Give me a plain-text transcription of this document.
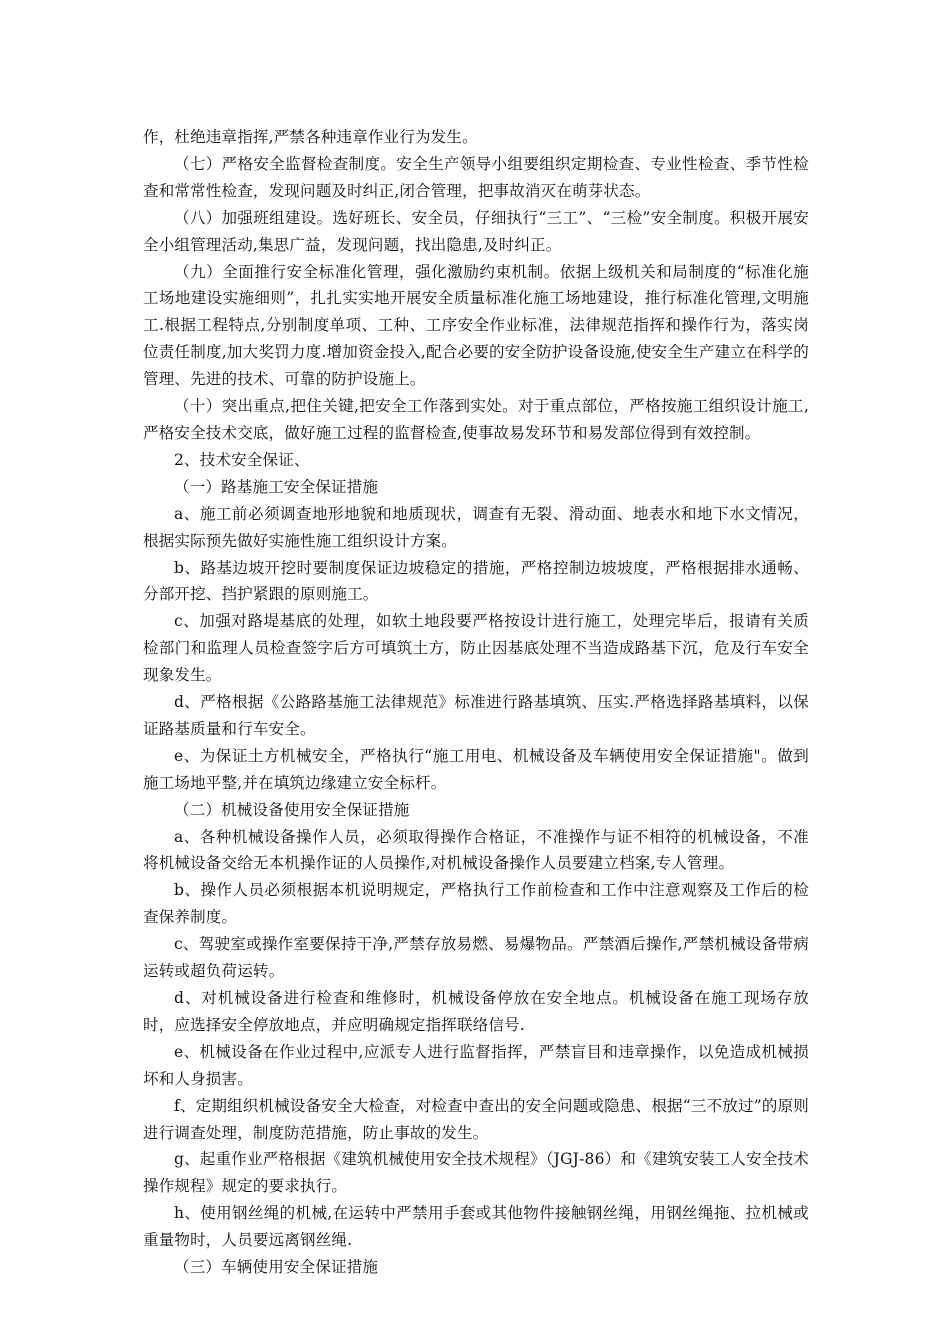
作，杜绝违章指挥,严禁各种违章作业行为发生。

（七）严格安全监督检查制度。安全生产领导小组要组织定期检查、专业性检查、季节性检查和常常性检查，发现问题及时纠正,闭合管理，把事故消灭在萌芽状态。

（八）加强班组建设。选好班长、安全员，仔细执行“三工”、“三检”安全制度。积极开展安全小组管理活动,集思广益，发现问题，找出隐患,及时纠正。

（九）全面推行安全标准化管理，强化激励约束机制。依据上级机关和局制度的“标准化施工场地建设实施细则”，扎扎实实地开展安全质量标准化施工场地建设，推行标准化管理,文明施工.根据工程特点,分别制度单项、工种、工序安全作业标准，法律规范指挥和操作行为，落实岗位责任制度,加大奖罚力度.增加资金投入,配合必要的安全防护设备设施,使安全生产建立在科学的管理、先进的技术、可靠的防护设施上。

（十）突出重点,把住关键,把安全工作落到实处。对于重点部位，严格按施工组织设计施工,严格安全技术交底，做好施工过程的监督检查,使事故易发环节和易发部位得到有效控制。

2、技术安全保证、

（一）路基施工安全保证措施

a、施工前必须调查地形地貌和地质现状，调查有无裂、滑动面、地表水和地下水文情况，根据实际预先做好实施性施工组织设计方案。

b、路基边坡开挖时要制度保证边坡稳定的措施，严格控制边坡坡度，严格根据排水通畅、分部开挖、挡护紧跟的原则施工。

c、加强对路堤基底的处理，如软土地段要严格按设计进行施工，处理完毕后，报请有关质检部门和监理人员检查签字后方可填筑土方，防止因基底处理不当造成路基下沉，危及行车安全现象发生。

d、严格根据《公路路基施工法律规范》标准进行路基填筑、压实.严格选择路基填料，以保证路基质量和行车安全。

e、为保证土方机械安全，严格执行“施工用电、机械设备及车辆使用安全保证措施"。做到施工场地平整,并在填筑边缘建立安全标杆。

（二）机械设备使用安全保证措施

a、各种机械设备操作人员，必须取得操作合格证，不准操作与证不相符的机械设备，不准将机械设备交给无本机操作证的人员操作,对机械设备操作人员要建立档案,专人管理。

b、操作人员必须根据本机说明规定，严格执行工作前检查和工作中注意观察及工作后的检查保养制度。

c、驾驶室或操作室要保持干净,严禁存放易燃、易爆物品。严禁酒后操作,严禁机械设备带病运转或超负荷运转。

d、对机械设备进行检查和维修时，机械设备停放在安全地点。机械设备在施工现场存放时，应选择安全停放地点，并应明确规定指挥联络信号.

e、机械设备在作业过程中,应派专人进行监督指挥，严禁盲目和违章操作，以免造成机械损坏和人身损害。

f、定期组织机械设备安全大检查，对检查中查出的安全问题或隐患、根据“三不放过”的原则进行调查处理，制度防范措施，防止事故的发生。

g、起重作业严格根据《建筑机械使用安全技术规程》（JGJ-86）和《建筑安装工人安全技术操作规程》规定的要求执行。

h、使用钢丝绳的机械,在运转中严禁用手套或其他物件接触钢丝绳，用钢丝绳拖、拉机械或重量物时，人员要远离钢丝绳.

（三）车辆使用安全保证措施
